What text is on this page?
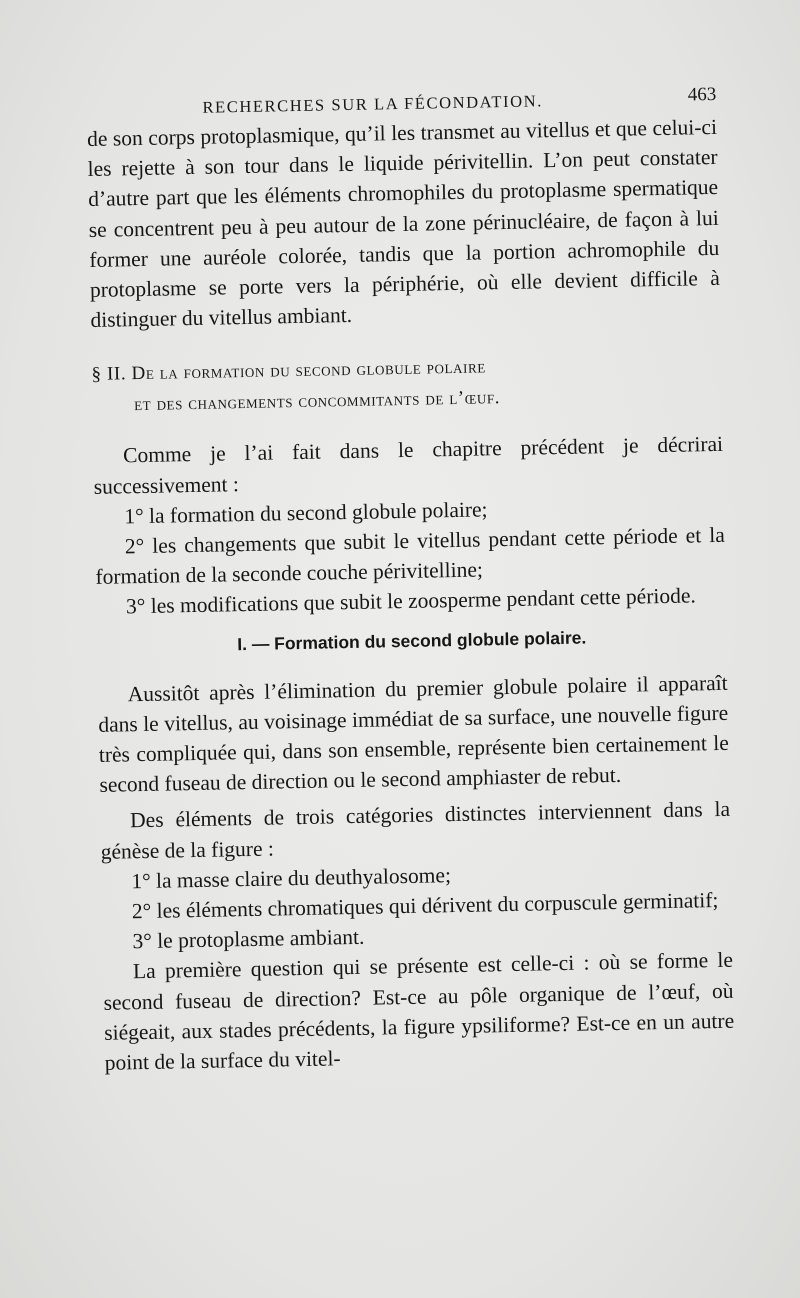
RECHERCHES SUR LA FÉCONDATION.	463

de son corps protoplasmique, qu’il les transmet au vitellus et que celui-ci les rejette à son tour dans le liquide périvitellin. L’on peut constater d’autre part que les éléments chromophiles du protoplasme spermatique se concentrent peu à peu autour de la zone périnucléaire, de façon à lui former une auréole colorée, tandis que la portion achromophile du protoplasme se porte vers la périphérie, où elle devient difficile à distinguer du vitellus ambiant.

§ II. De la formation du second globule polaire
et des changements concommitants de l’œuf.

Comme je l’ai fait dans le chapitre précédent je décrirai successivement :

1° la formation du second globule polaire;

2° les changements que subit le vitellus pendant cette période et la formation de la seconde couche périvitelline;

3° les modifications que subit le zoosperme pendant cette période.

I. — Formation du second globule polaire.

Aussitôt après l’élimination du premier globule polaire il apparaît dans le vitellus, au voisinage immédiat de sa surface, une nouvelle figure très compliquée qui, dans son ensemble, représente bien certainement le second fuseau de direction ou le second amphiaster de rebut.

Des éléments de trois catégories distinctes interviennent dans la génèse de la figure :

1° la masse claire du deuthyalosome;

2° les éléments chromatiques qui dérivent du corpuscule germinatif;

3° le protoplasme ambiant.

La première question qui se présente est celle-ci : où se forme le second fuseau de direction? Est-ce au pôle organique de l’œuf, où siégeait, aux stades précédents, la figure ypsiliforme? Est-ce en un autre point de la surface du vitel-
